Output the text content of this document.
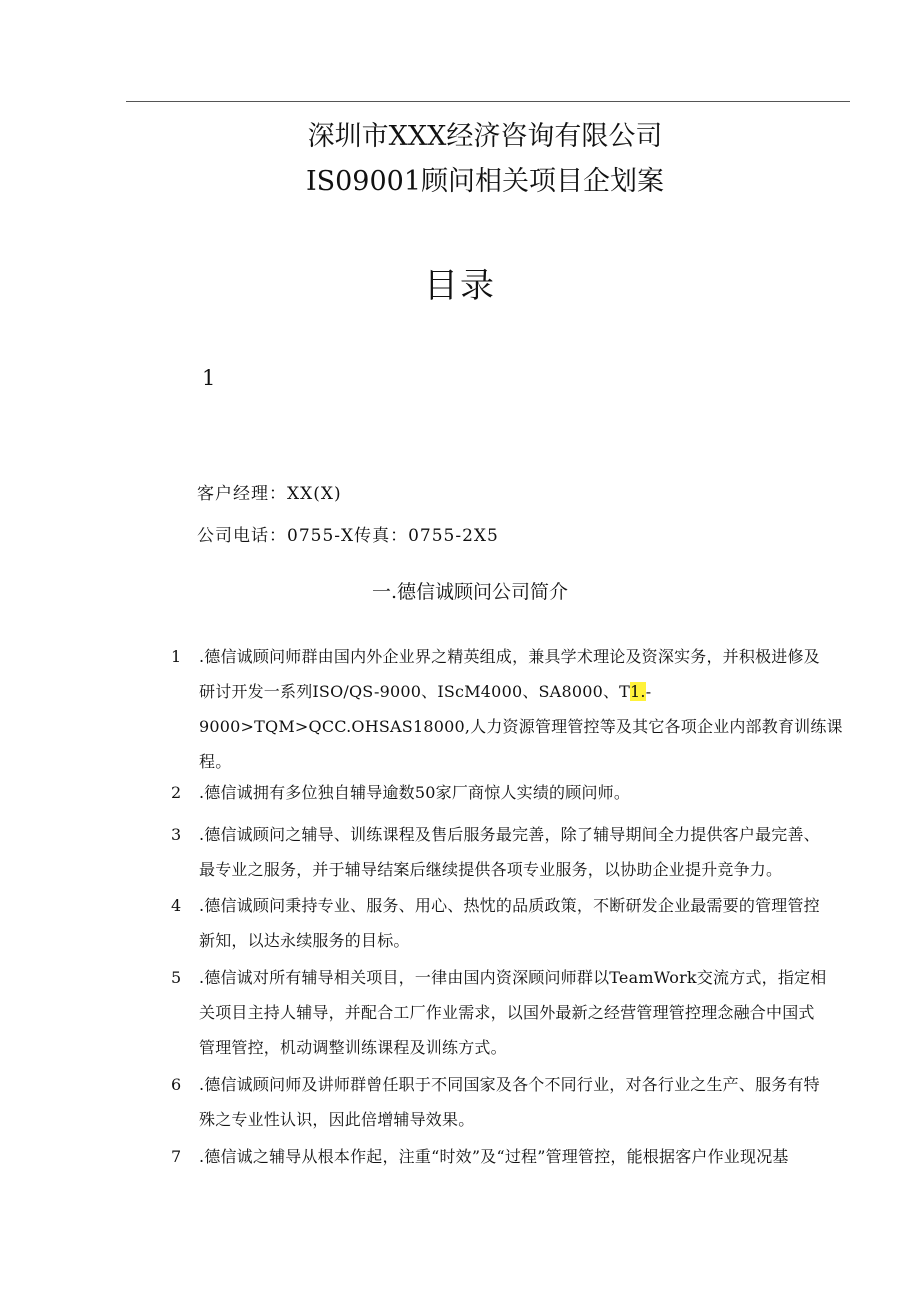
深圳市XXX经济咨询有限公司
IS09001顾问相关项目企划案
目录
1
客户经理：XX(X)
公司电话：0755-X传真：0755-2X5
一.德信诚顾问公司简介
1	.德信诚顾问师群由国内外企业界之精英组成，兼具学术理论及资深实务，并积极进修及
研讨开发一系列ISO/QS-9000、IScM4000、SA8000、T1.-
9000>TQM>QCC.OHSAS18000,人力资源管理管控等及其它各项企业内部教育训练课
程。
2	.德信诚拥有多位独自辅导逾数50家厂商惊人实绩的顾问师。
3	.德信诚顾问之辅导、训练课程及售后服务最完善，除了辅导期间全力提供客户最完善、
最专业之服务，并于辅导结案后继续提供各项专业服务，以协助企业提升竞争力。
4	.德信诚顾问秉持专业、服务、用心、热忱的品质政策，不断研发企业最需要的管理管控
新知，以达永续服务的目标。
5	.德信诚对所有辅导相关项目，一律由国内资深顾问师群以TeamWork交流方式，指定相
关项目主持人辅导，并配合工厂作业需求，以国外最新之经营管理管控理念融合中国式
管理管控，机动调整训练课程及训练方式。
6	.德信诚顾问师及讲师群曾任职于不同国家及各个不同行业，对各行业之生产、服务有特
殊之专业性认识，因此倍增辅导效果。
7	.德信诚之辅导从根本作起，注重“时效”及“过程”管理管控，能根据客户作业现况基
